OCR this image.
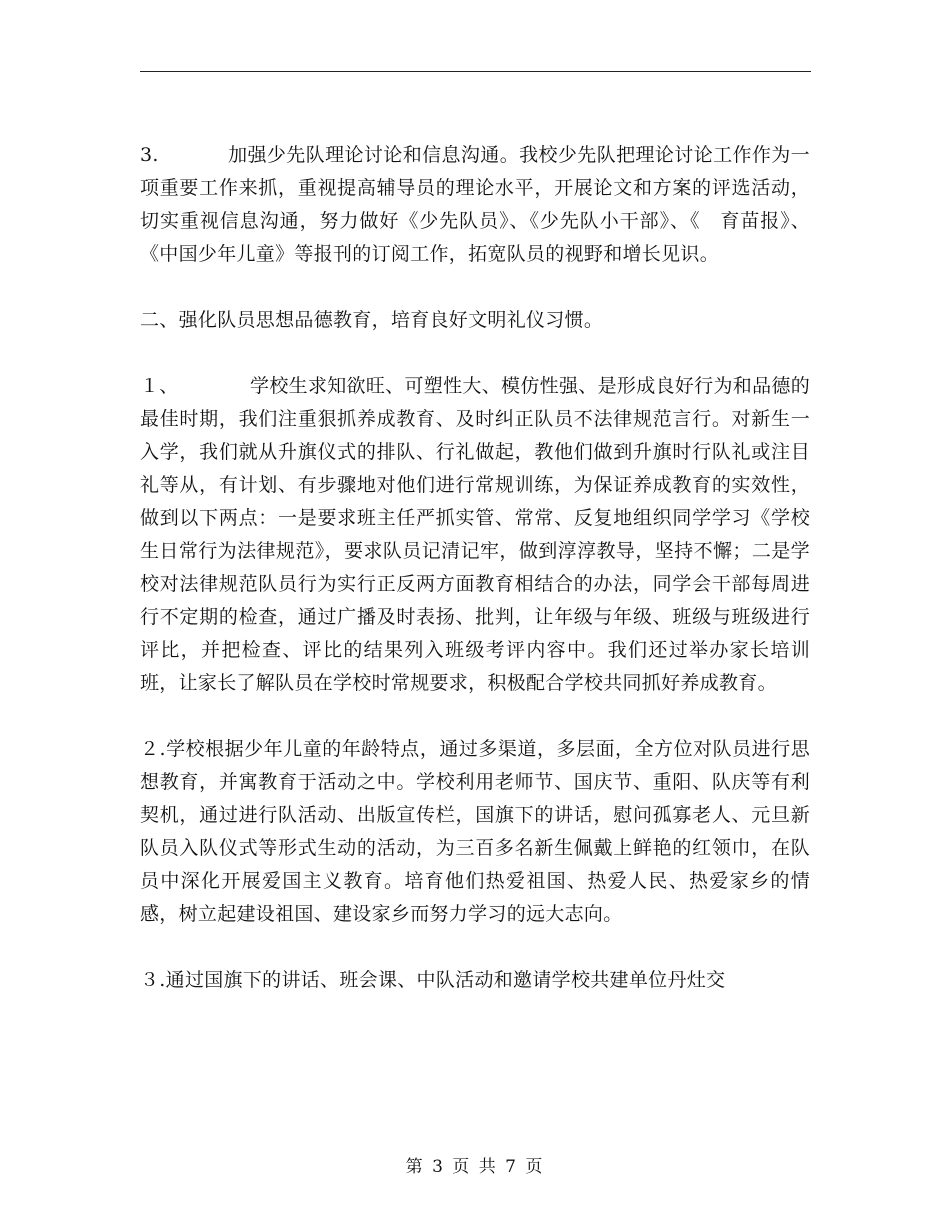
3.	加强少先队理论讨论和信息沟通。我校少先队把理论讨论工作作为一项重要工作来抓，重视提高辅导员的理论水平，开展论文和方案的评选活动，切实重视信息沟通，努力做好《少先队员》、《少先队小干部》、《　育苗报》、《中国少年儿童》等报刊的订阅工作，拓宽队员的视野和增长见识。

二、强化队员思想品德教育，培育良好文明礼仪习惯。

１、	学校生求知欲旺、可塑性大、模仿性强、是形成良好行为和品德的最佳时期，我们注重狠抓养成教育、及时纠正队员不法律规范言行。对新生一入学，我们就从升旗仪式的排队、行礼做起，教他们做到升旗时行队礼或注目礼等从，有计划、有步骤地对他们进行常规训练，为保证养成教育的实效性，做到以下两点：一是要求班主任严抓实管、常常、反复地组织同学学习《学校生日常行为法律规范》，要求队员记清记牢，做到淳淳教导，坚持不懈；二是学校对法律规范队员行为实行正反两方面教育相结合的办法，同学会干部每周进行不定期的检查，通过广播及时表扬、批判，让年级与年级、班级与班级进行评比，并把检查、评比的结果列入班级考评内容中。我们还过举办家长培训班，让家长了解队员在学校时常规要求，积极配合学校共同抓好养成教育。

２.学校根据少年儿童的年龄特点，通过多渠道，多层面，全方位对队员进行思想教育，并寓教育于活动之中。学校利用老师节、国庆节、重阳、队庆等有利契机，通过进行队活动、出版宣传栏，国旗下的讲话，慰问孤寡老人、元旦新队员入队仪式等形式生动的活动，为三百多名新生佩戴上鲜艳的红领巾，在队员中深化开展爱国主义教育。培育他们热爱祖国、热爱人民、热爱家乡的情感，树立起建设祖国、建设家乡而努力学习的远大志向。

３.通过国旗下的讲话、班会课、中队活动和邀请学校共建单位丹灶交

第 3 页 共 7 页
